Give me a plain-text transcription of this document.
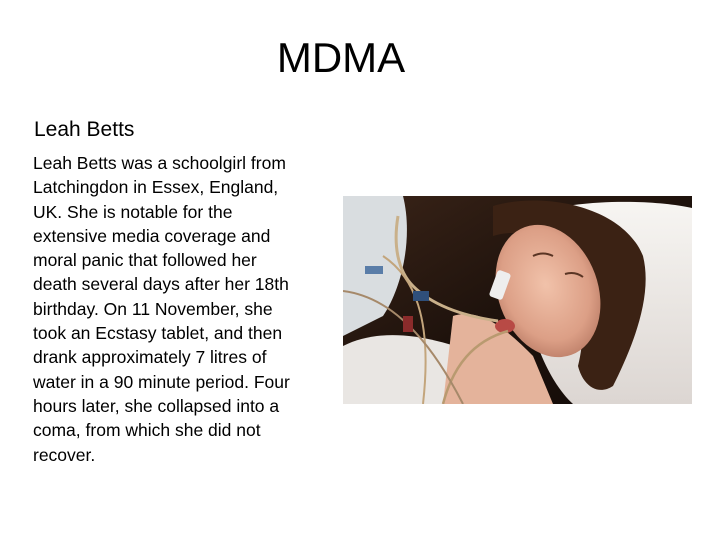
MDMA
Leah Betts

Leah Betts was a schoolgirl from
Latchingdon in Essex, England,
UK. She is notable for the
extensive media coverage and
moral panic that followed her
death several days after her 18th
birthday. On 11 November, she
took an Ecstasy tablet, and then
drank approximately 7 litres of
water in a 90 minute period. Four
hours later, she collapsed into a
coma, from which she did not
recover.
